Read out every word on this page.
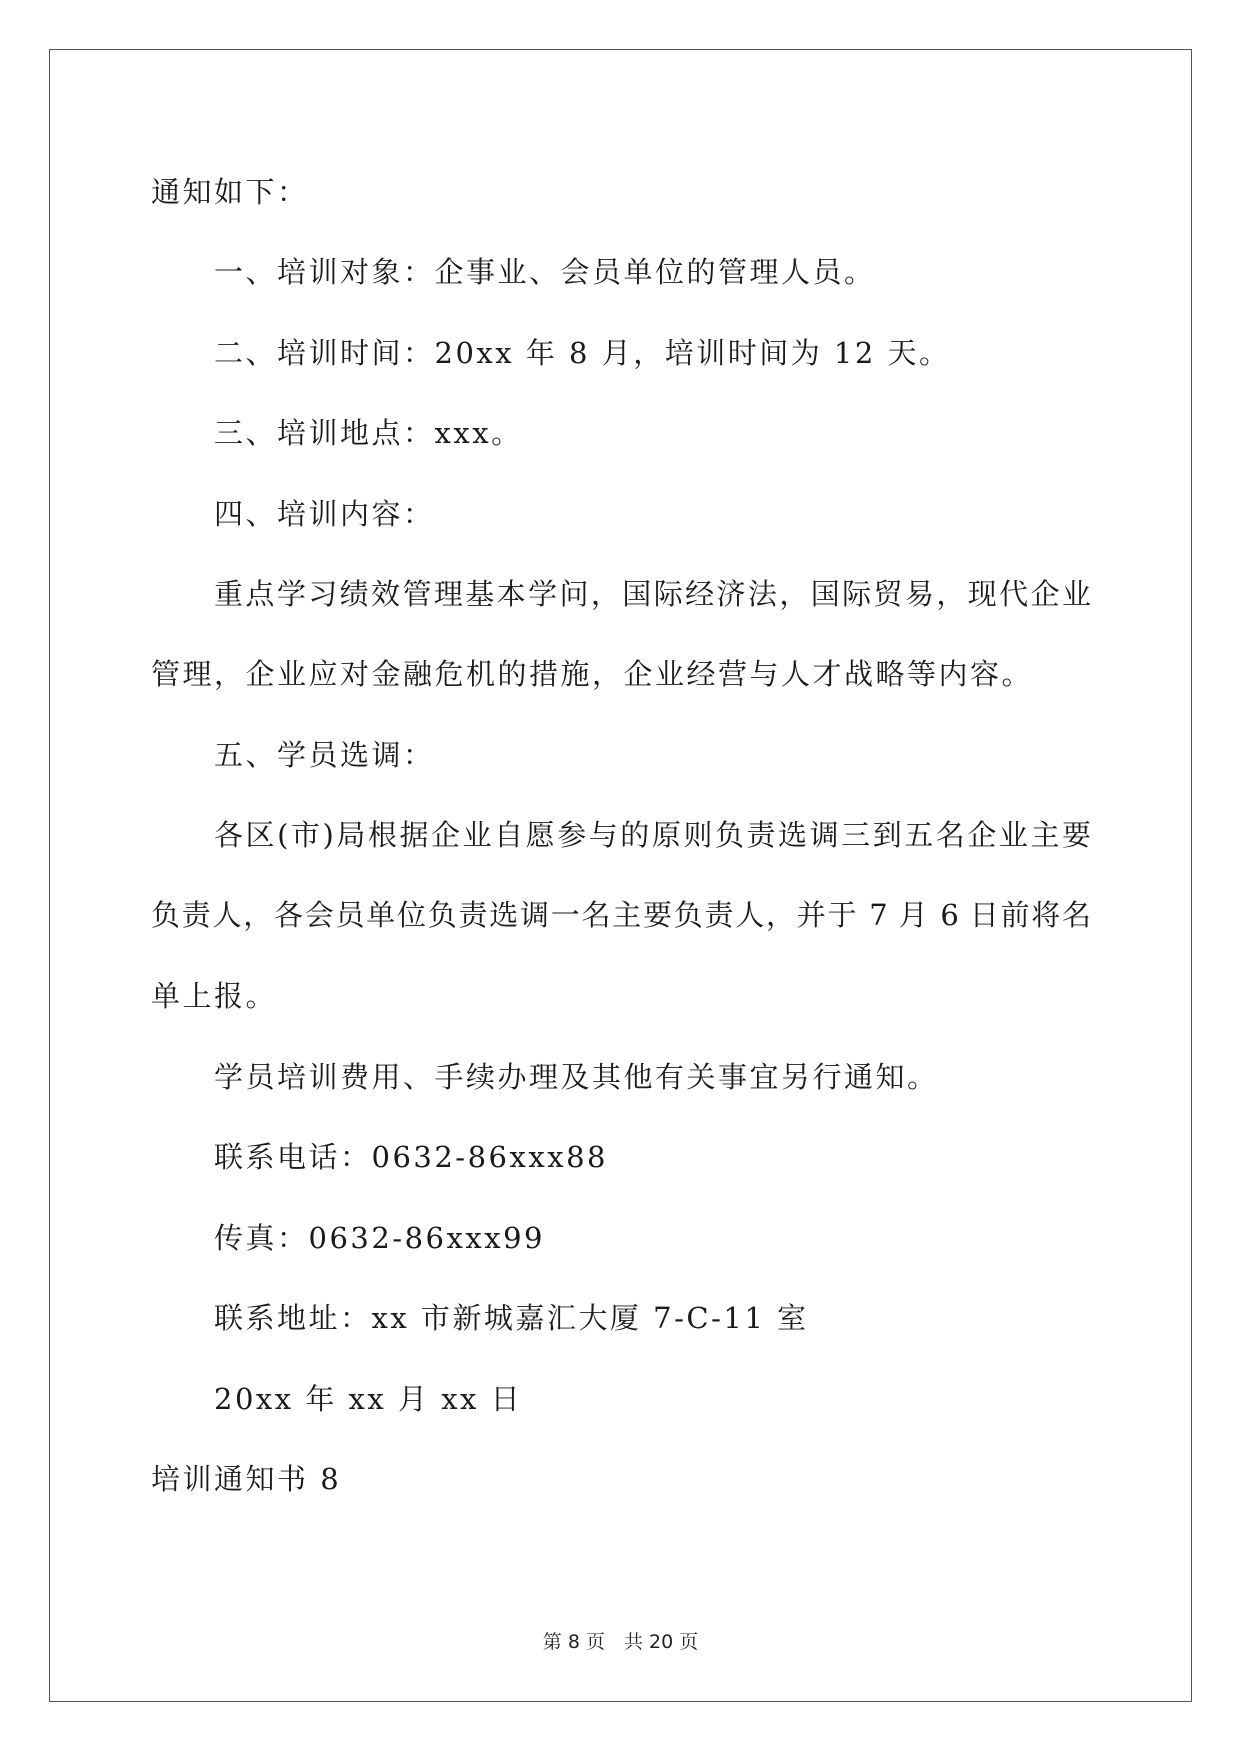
通知如下：
一、培训对象：企事业、会员单位的管理人员。
二、培训时间：20xx 年 8 月，培训时间为 12 天。
三、培训地点：xxx。
四、培训内容：
重点学习绩效管理基本学问，国际经济法，国际贸易，现代企业
管理，企业应对金融危机的措施，企业经营与人才战略等内容。
五、学员选调：
各区(市)局根据企业自愿参与的原则负责选调三到五名企业主要
负责人，各会员单位负责选调一名主要负责人，并于 7 月 6 日前将名
单上报。
学员培训费用、手续办理及其他有关事宜另行通知。
联系电话：0632-86xxx88
传真：0632-86xxx99
联系地址：xx 市新城嘉汇大厦 7-C-11 室
20xx 年 xx 月 xx 日
培训通知书 8
第 8 页　共 20 页
